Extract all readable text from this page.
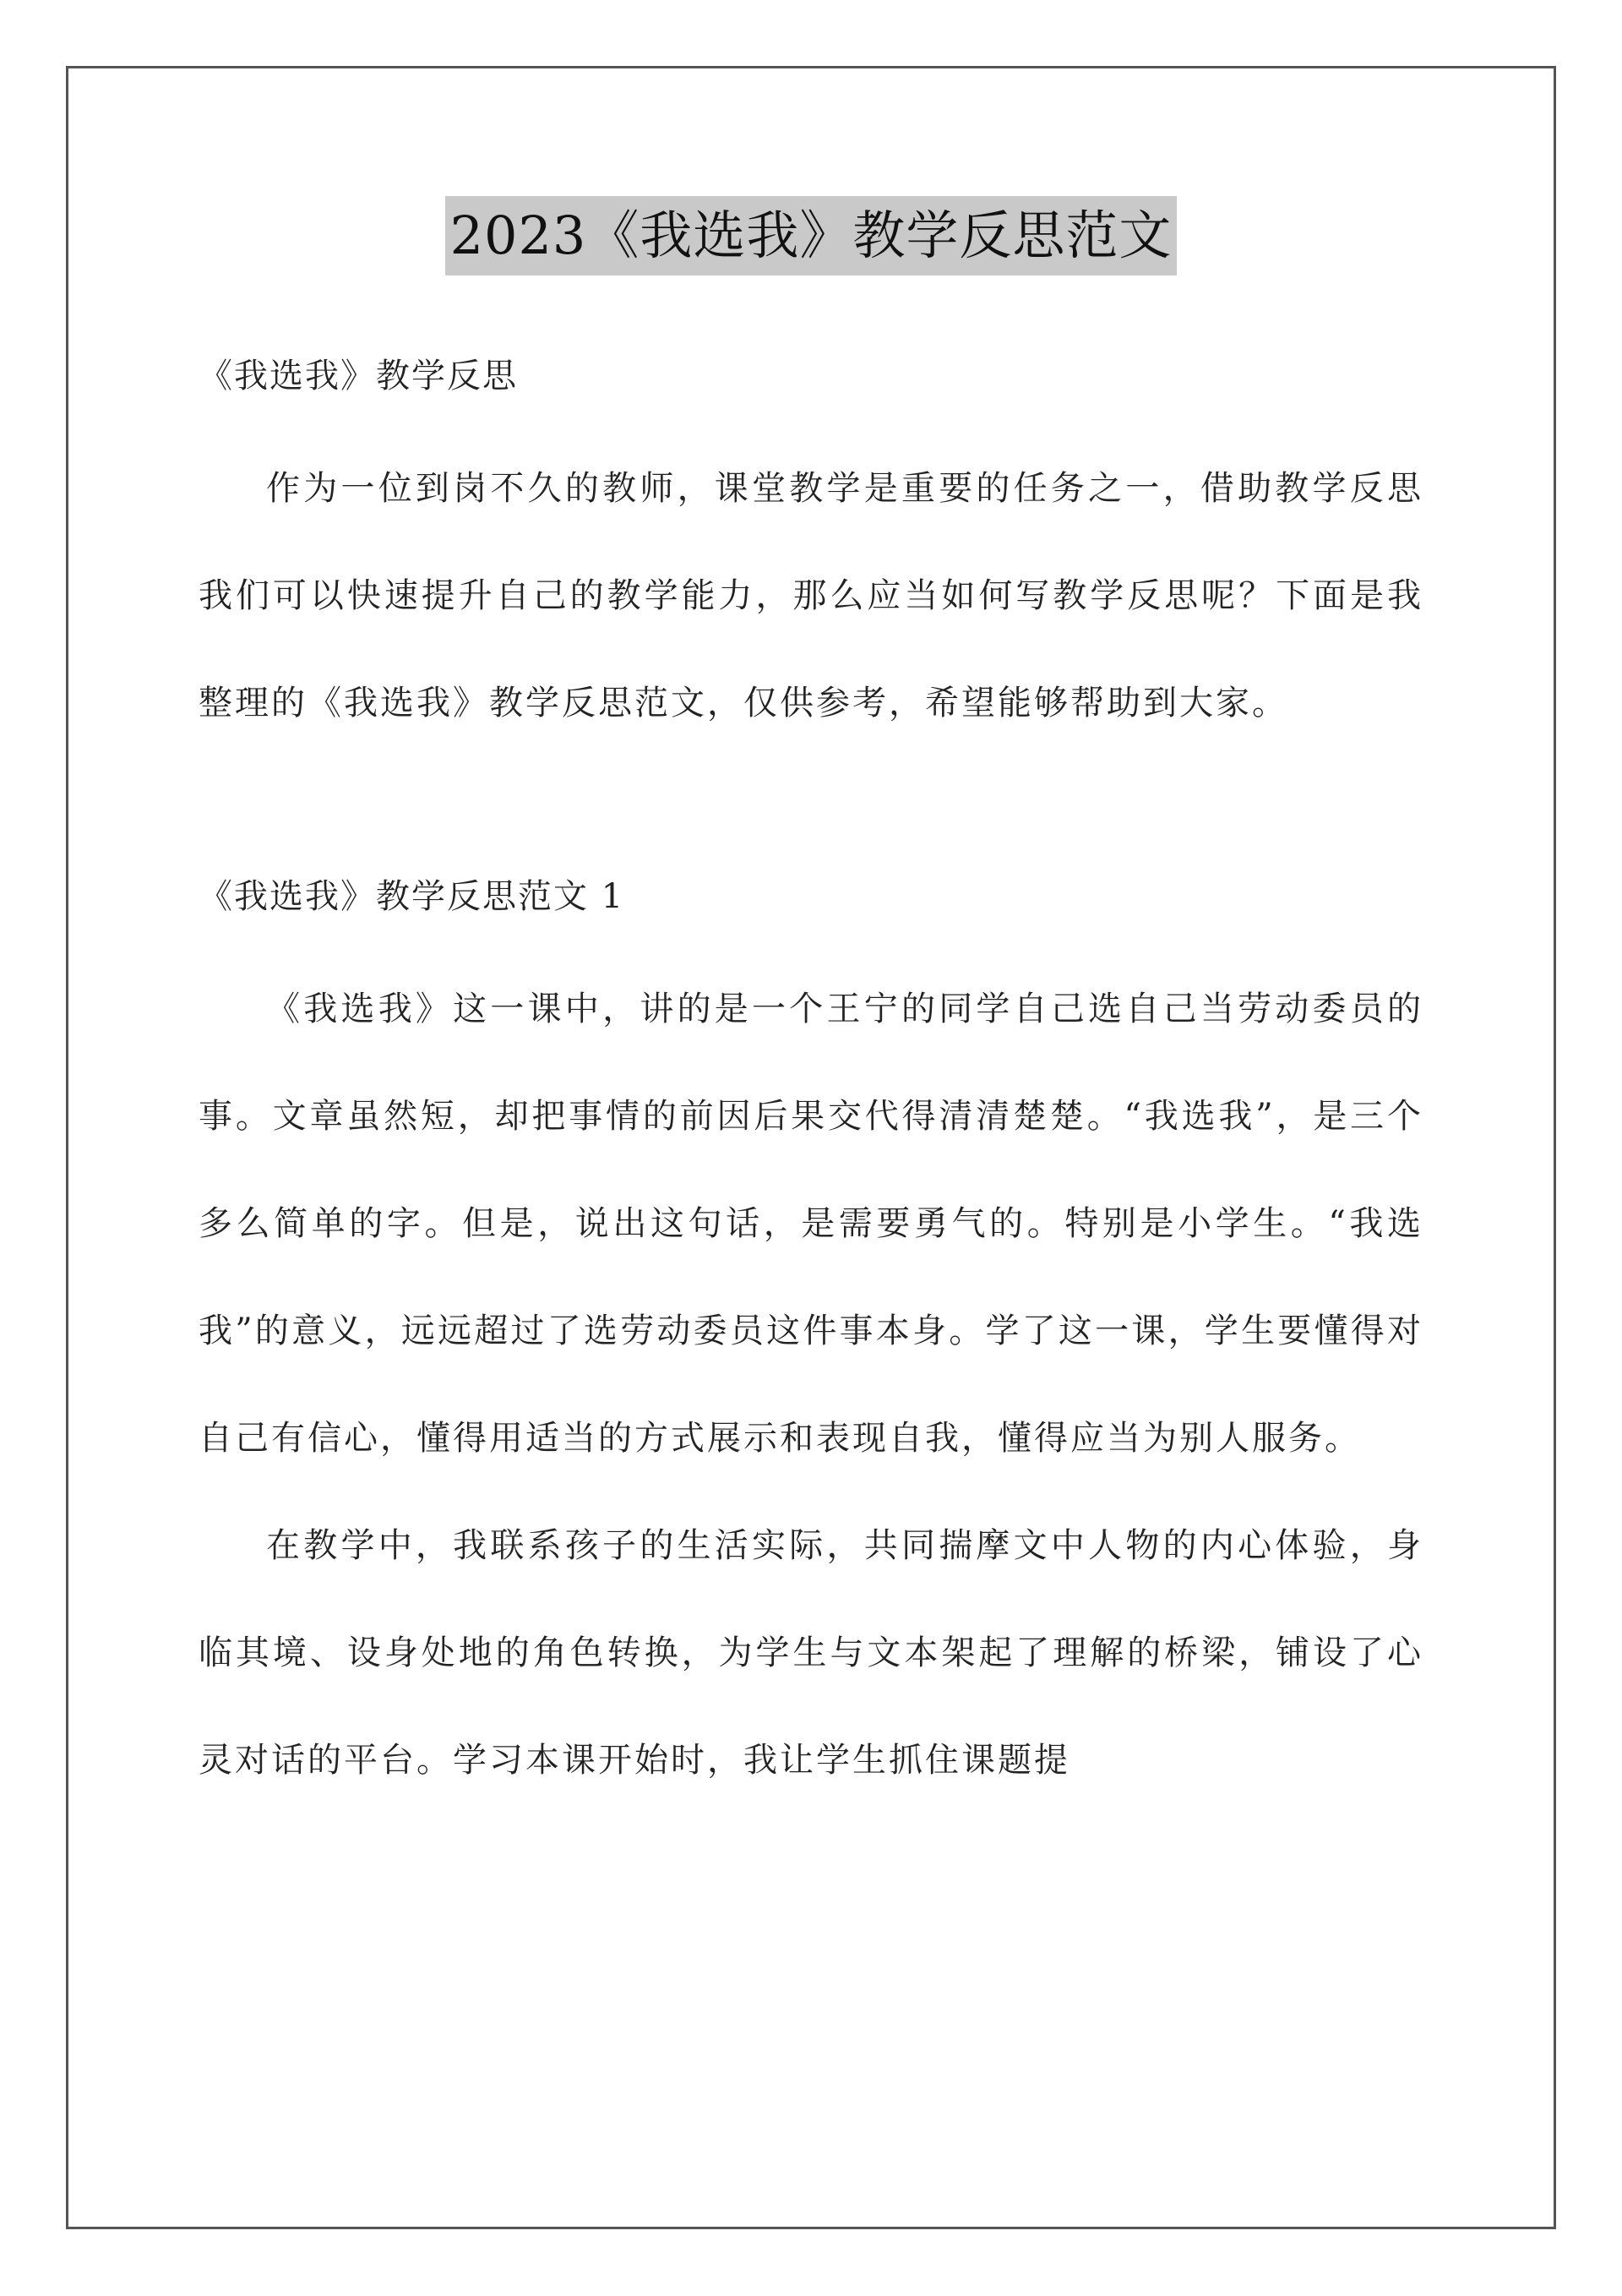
2023《我选我》教学反思范文

《我选我》教学反思

作为一位到岗不久的教师，课堂教学是重要的任务之一，借助教学反思我们可以快速提升自己的教学能力，那么应当如何写教学反思呢？下面是我整理的《我选我》教学反思范文，仅供参考，希望能够帮助到大家。

《我选我》教学反思范文 1

《我选我》这一课中，讲的是一个王宁的同学自己选自己当劳动委员的事。文章虽然短，却把事情的前因后果交代得清清楚楚。“我选我”，是三个多么简单的字。但是，说出这句话，是需要勇气的。特别是小学生。“我选我”的意义，远远超过了选劳动委员这件事本身。学了这一课，学生要懂得对自己有信心，懂得用适当的方式展示和表现自我，懂得应当为别人服务。

在教学中，我联系孩子的生活实际，共同揣摩文中人物的内心体验，身临其境、设身处地的角色转换，为学生与文本架起了理解的桥梁，铺设了心灵对话的平台。学习本课开始时，我让学生抓住课题提
